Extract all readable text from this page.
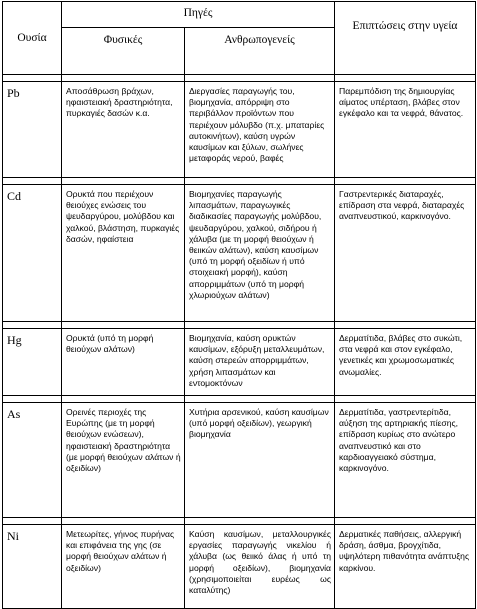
Ουσία	Πηγές		Επιπτώσεις στην υγεία
	Φυσικές	Ανθρωπογενείς	

Pb	Αποσάθρωση βράχων, ηφαιστειακή δραστηριότητα, πυρκαγιές δασών κ.α.	Διεργασίες παραγωγής του, βιομηχανία, απόρριψη στο περιβάλλον προϊόντων που περιέχουν μόλυβδο (π.χ. μπαταρίες αυτοκινήτων), καύση υγρών καυσίμων και ξύλων, σωλήνες μεταφοράς νερού, βαφές	Παρεμπόδιση της δημιουργίας αίματος υπέρταση, βλάβες στον εγκέφαλο και τα νεφρά, θάνατος.

Cd	Ορυκτά που περιέχουν θειούχες ενώσεις του ψευδαργύρου, μολύβδου και χαλκού, βλάστηση, πυρκαγιές δασών, ηφαίστεια	Βιομηχανίες παραγωγής λιπασμάτων, παραγωγικές διαδικασίες παραγωγής μολύβδου, ψευδαργύρου, χαλκού, σιδήρου ή χάλυβα (με τη μορφή θειούχων ή θειικών αλάτων), καύση καυσίμων (υπό τη μορφή οξειδίων ή υπό στοιχειακή μορφή), καύση απορριμμάτων (υπό τη μορφή χλωριούχων αλάτων)	Γαστρεντερικές διαταραχές, επίδραση στα νεφρά, διαταραχές αναπνευστικού, καρκινογόνο.

Hg	Ορυκτά (υπό τη μορφή θειούχων αλάτων)	Βιομηχανία, καύση ορυκτών καυσίμων, εξόρυξη μεταλλευμάτων, καύση στερεών απορριμμάτων, χρήση λιπασμάτων και εντομοκτόνων	Δερματίτιδα, βλάβες στο συκώτι, στα νεφρά και στον εγκέφαλο, γενετικές και χρωμοσωματικές ανωμαλίες.

As	Ορεινές περιοχές της Ευρώπης (με τη μορφή θειούχων ενώσεων), ηφαιστειακή δραστηριότητα (με μορφή θειούχων αλάτων ή οξειδίων)	Χυτήρια αρσενικού, καύση καυσίμων (υπό μορφή οξειδίων), γεωργική βιομηχανία	Δερματίτιδα, γαστρεντερίτιδα, αύξηση της αρτηριακής πίεσης, επίδραση κυρίως στο ανώτερο αναπνευστικό και στο καρδιοαγγειακό σύστημα, καρκινογόνο.

Ni	Μετεωρίτες, γήινος πυρήνας και επιφάνεια της γης (σε μορφή θειούχων αλάτων ή οξειδίων)	Καύση καυσίμων, μεταλλουργικές εργασίες παραγωγής νικελίου ή χάλυβα (ως θειικό άλας ή υπό τη μορφή οξειδίων), βιομηχανία (χρησιμοποιείται ευρέως ως καταλύτης)	Δερματικές παθήσεις, αλλεργική δράση, άσθμα, βρογχίτιδα, υψηλότερη πιθανότητα ανάπτυξης καρκίνου.
